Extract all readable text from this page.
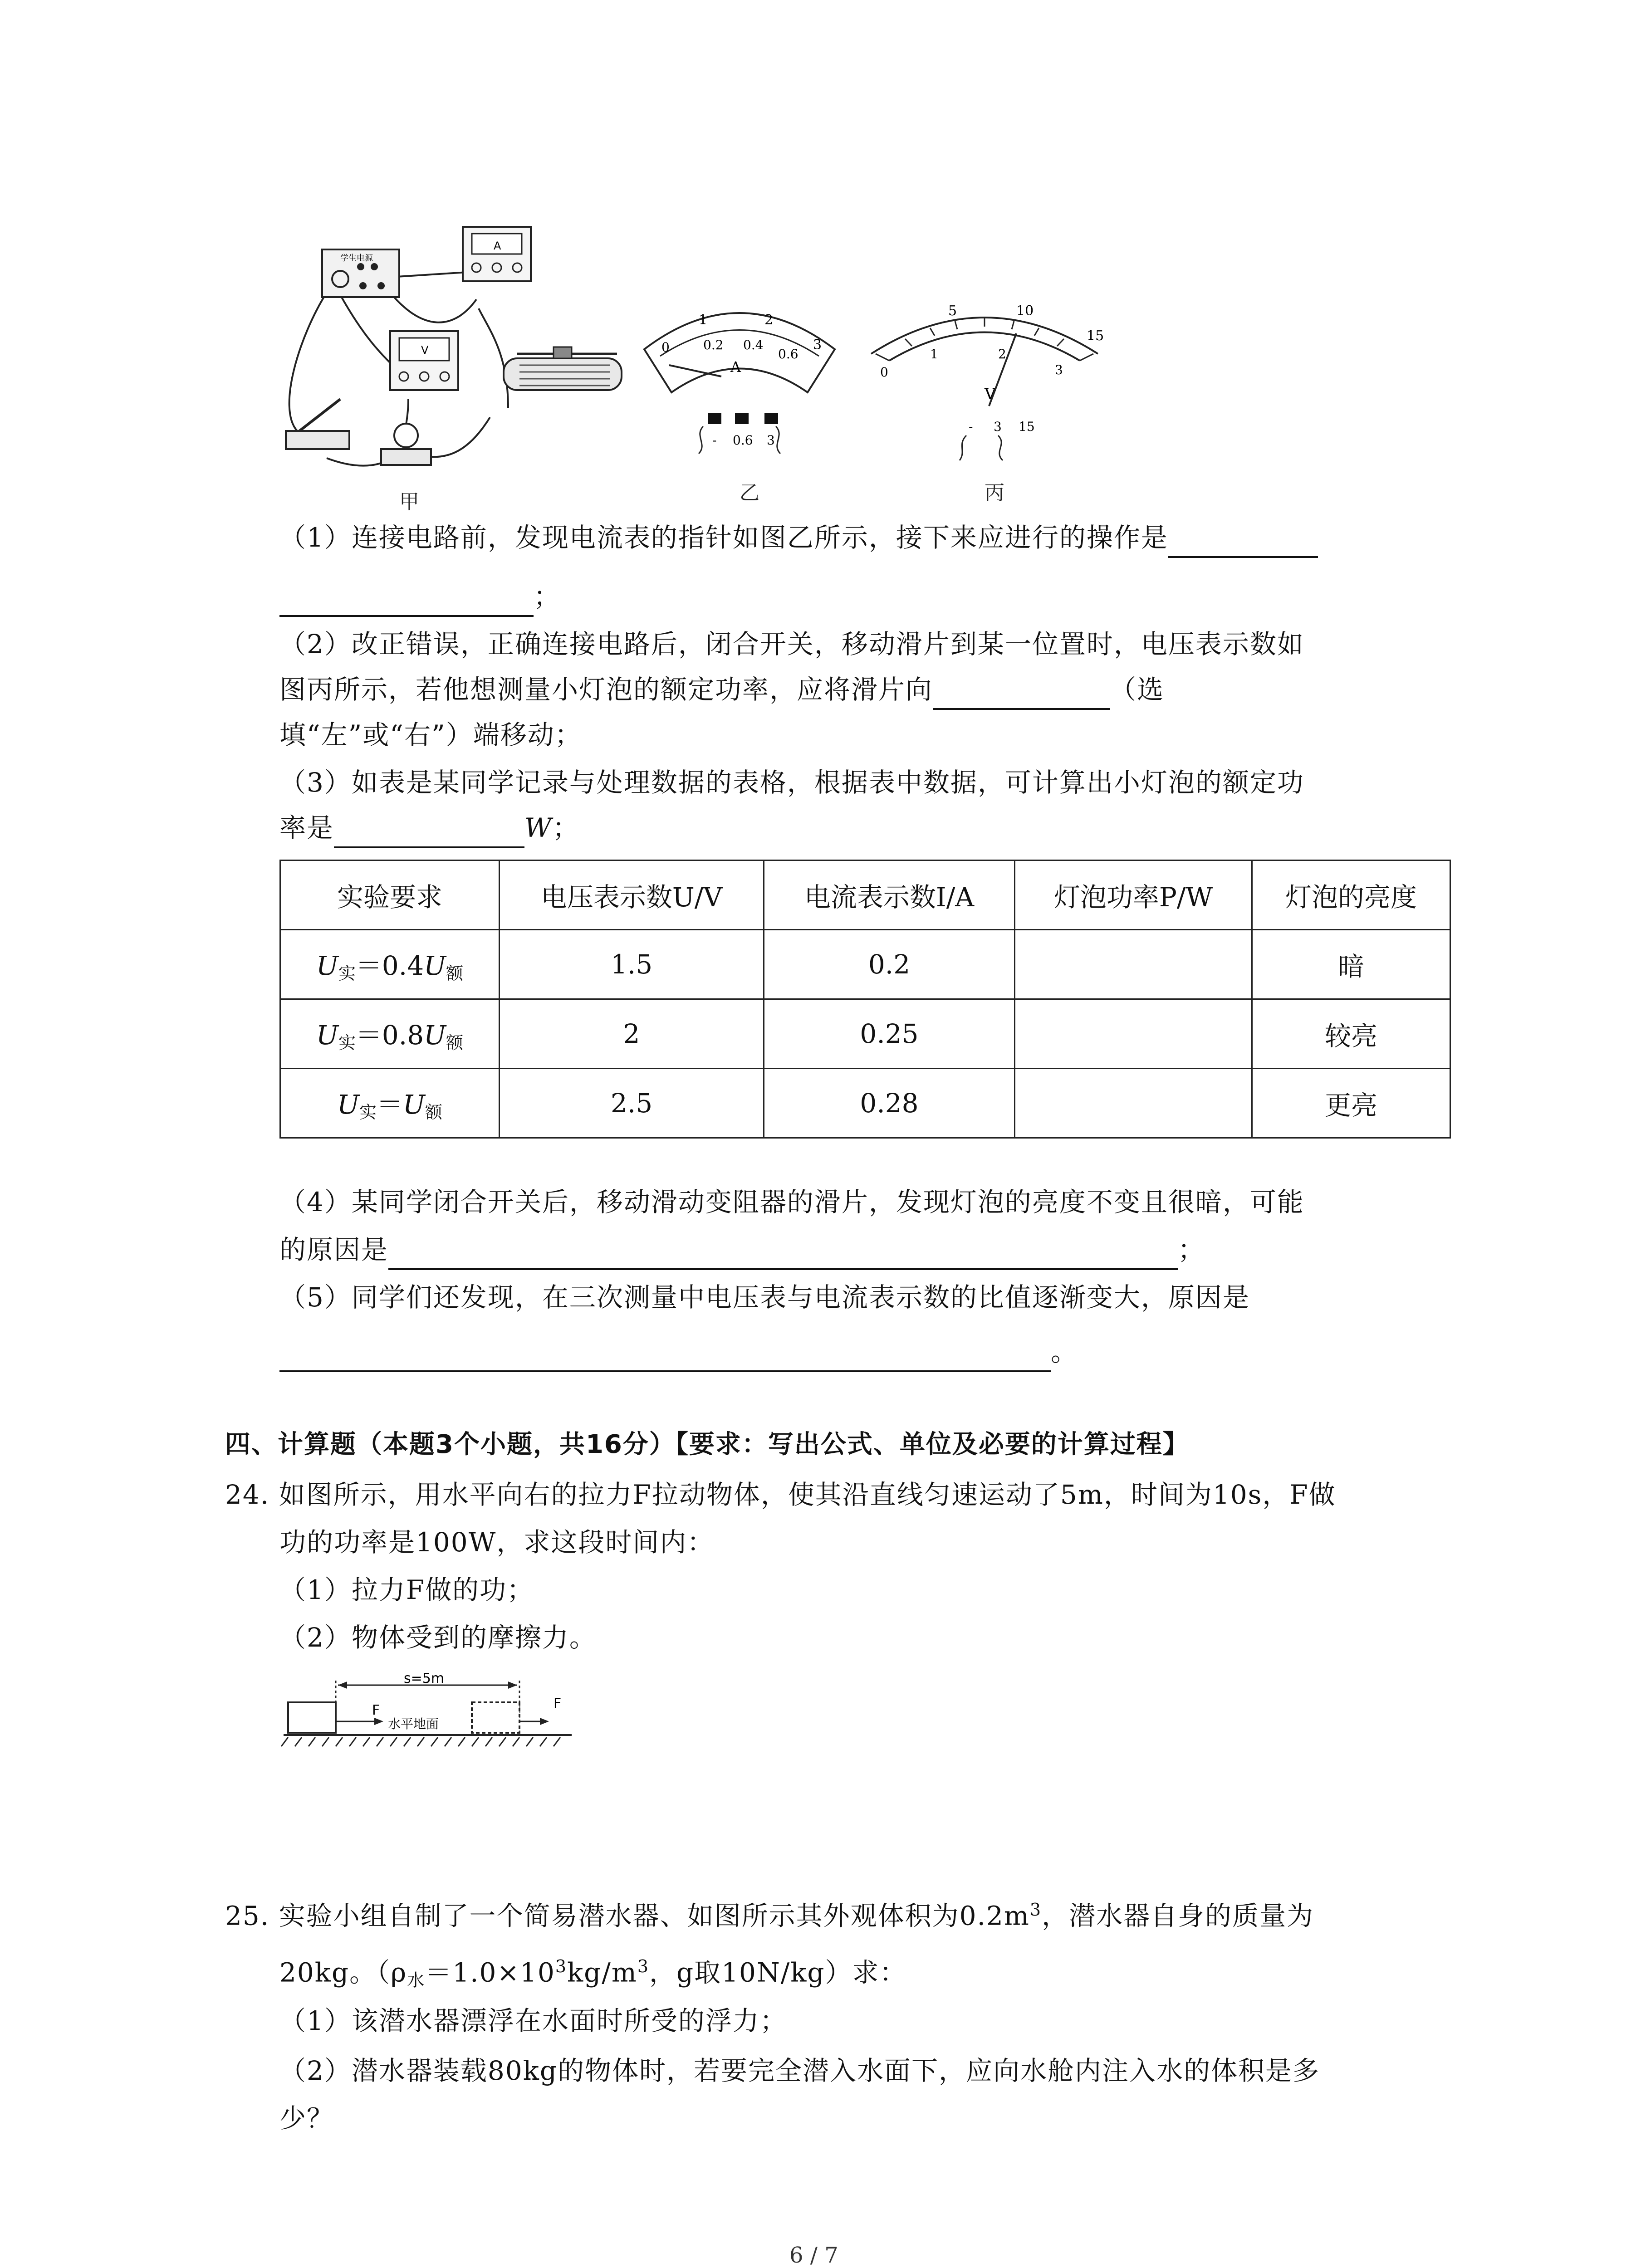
学生电源
A
V
甲
1	2
3
0	0.2 0.4
0.6
A
- 0.6 3
乙
5	10
15
0
1	2
3
V
- 3 15
丙
（1）连接电路前，发现电流表的指针如图乙所示，接下来应进行的操作是
；
（2）改正错误，正确连接电路后，闭合开关，移动滑片到某一位置时，电压表示数如
图丙所示，若他想测量小灯泡的额定功率，应将滑片向	（选
填“左”或“右”）端移动；
（3）如表是某同学记录与处理数据的表格，根据表中数据，可计算出小灯泡的额定功
率是	W；
实验要求	电压表示数U/V	电流表示数I/A	灯泡功率P/W	灯泡的亮度
$U_实=0.4U_额$	1.5	0.2		暗
$U_实=0.8U_额$	2	0.25		较亮
$U_实=U_额$	2.5	0.28		更亮
（4）某同学闭合开关后，移动滑动变阻器的滑片，发现灯泡的亮度不变且很暗，可能
的原因是	；
（5）同学们还发现，在三次测量中电压表与电流表示数的比值逐渐变大，原因是
。
四、计算题（本题3个小题，共16分）【要求：写出公式、单位及必要的计算过程】
24. 如图所示，用水平向右的拉力F拉动物体，使其沿直线匀速运动了5m，时间为10s，F做
功的功率是100W，求这段时间内：
（1）拉力F做的功；
（2）物体受到的摩擦力。
s=5m
F	F
水平地面
25. 实验小组自制了一个简易潜水器、如图所示其外观体积为$0.2m^3$，潜水器自身的质量为
20kg。（$\rho_水=1.0\times 10^3kg/m^3$，g取10N/kg）求：
（1）该潜水器漂浮在水面时所受的浮力；
（2）潜水器装载80kg的物体时，若要完全潜入水面下，应向水舱内注入水的体积是多
少？
6 / 7
